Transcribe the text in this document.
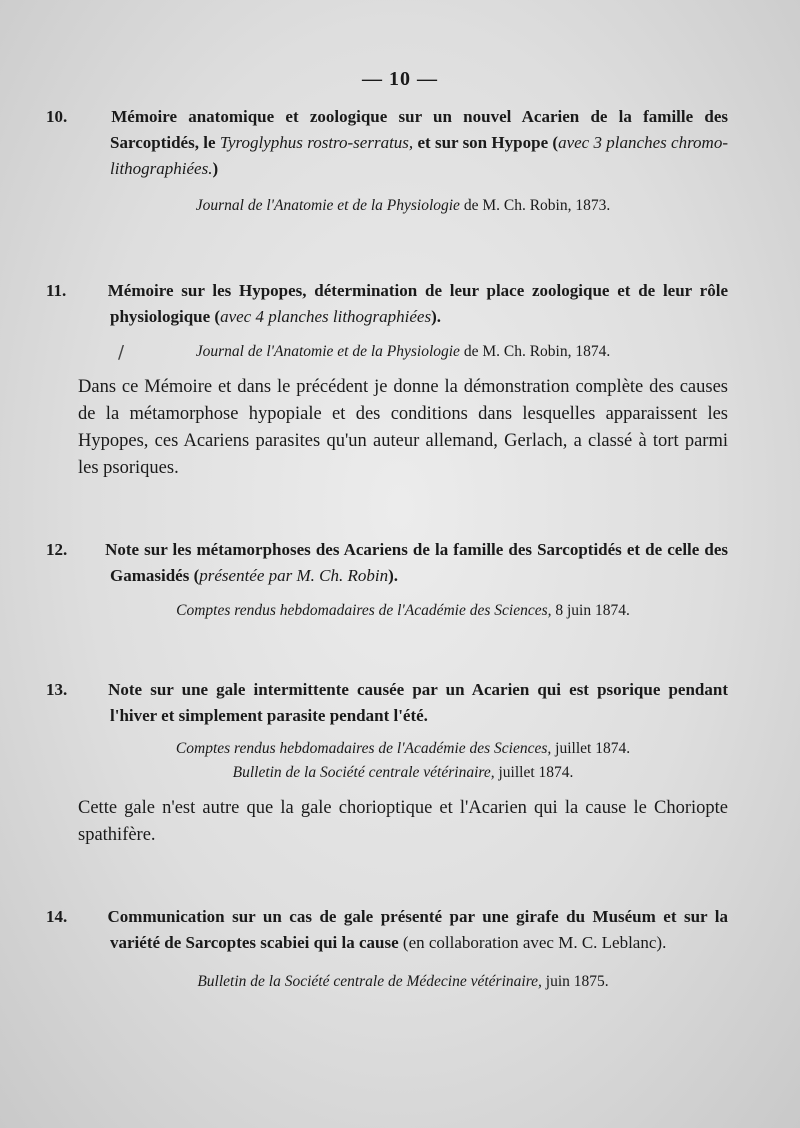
— 10 —
10.	Mémoire anatomique et zoologique sur un nouvel Acarien de la famille des Sarcoptidés, le Tyroglyphus rostro-serratus, et sur son Hypope (avec 3 planches chromo-lithographiées.)
Journal de l'Anatomie et de la Physiologie de M. Ch. Robin, 1873.
11. Mémoire sur les Hypopes, détermination de leur place zoologique et de leur rôle physiologique (avec 4 planches lithographiées).
Journal de l'Anatomie et de la Physiologie de M. Ch. Robin, 1874.
Dans ce Mémoire et dans le précédent je donne la démonstration complète des causes de la métamorphose hypopiale et des conditions dans lesquelles apparaissent les Hypopes, ces Acariens parasites qu'un auteur allemand, Gerlach, a classé à tort parmi les psoriques.
/
12. Note sur les métamorphoses des Acariens de la famille des Sarcoptidés et de celle des Gamasidés (présentée par M. Ch. Robin).
Comptes rendus hebdomadaires de l'Académie des Sciences, 8 juin 1874.
13. Note sur une gale intermittente causée par un Acarien qui est psorique pendant l'hiver et simplement parasite pendant l'été.
Comptes rendus hebdomadaires de l'Académie des Sciences, juillet 1874.
Bulletin de la Société centrale vétérinaire, juillet 1874.
Cette gale n'est autre que la gale chorioptique et l'Acarien qui la cause le Choriopte spathifère.
14. Communication sur un cas de gale présenté par une girafe du Muséum et sur la variété de Sarcoptes scabiei qui la cause (en collaboration avec M. C. Leblanc).
Bulletin de la Société centrale de Médecine vétérinaire, juin 1875.
